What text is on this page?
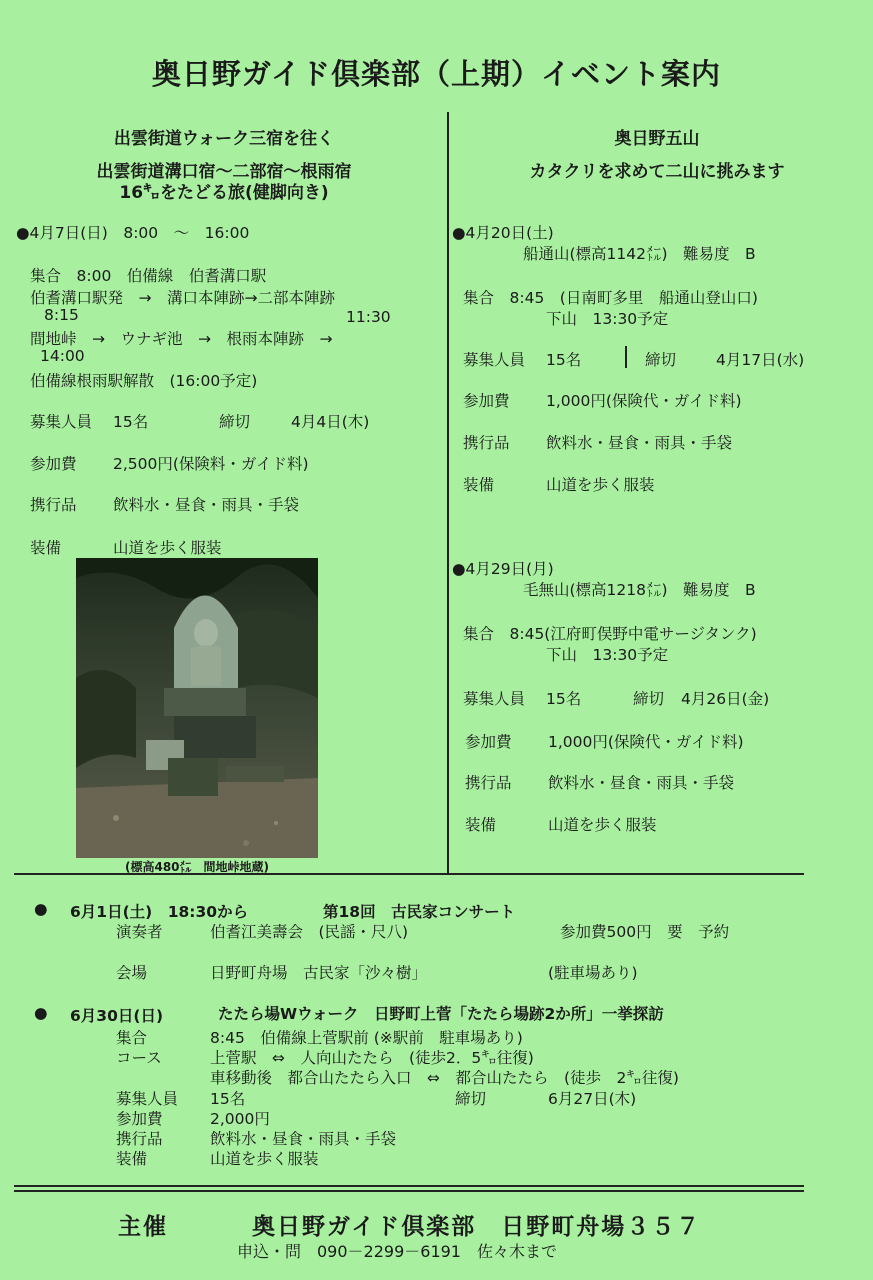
奥日野ガイド倶楽部（上期）イベント案内
出雲街道ウォーク三宿を往く
出雲街道溝口宿～二部宿～根雨宿
16㌔をたどる旅(健脚向き)
●4月7日(日)　8:00　～　16:00
集合　8:00　伯備線　伯耆溝口駅
伯耆溝口駅発　→　溝口本陣跡→二部本陣跡
8:15	11:30
間地峠　→　ウナギ池　→　根雨本陣跡　→
14:00
伯備線根雨駅解散　(16:00予定)
募集人員 15名	締切	4月4日(木)
参加費 2,500円(保険料・ガイド料)
携行品 飲料水・昼食・雨具・手袋
装備	山道を歩く服装
(標高480㍍　間地峠地蔵)
奥日野五山
カタクリを求めて二山に挑みます
●4月20日(土)
船通山(標高1142㍍)　難易度　B
集合　8:45　(日南町多里　船通山登山口)
下山　13:30予定
募集人員 15名	締切	4月17日(水)
参加費 1,000円(保険代・ガイド料)
携行品 飲料水・昼食・雨具・手袋
装備	山道を歩く服装
●4月29日(月)
毛無山(標高1218㍍)　難易度　B
集合　8:45(江府町俣野中電サージタンク)
下山　13:30予定
募集人員 15名	締切 4月26日(金)
参加費 1,000円(保険代・ガイド料)
携行品 飲料水・昼食・雨具・手袋
装備	山道を歩く服装
● 6月1日(土)　18:30から	第18回　古民家コンサート
演奏者	伯耆江美壽会　(民謡・尺八)	参加費500円　要　予約
会場	日野町舟場　古民家「沙々樹」	(駐車場あり)
● 6月30日(日)	たたら場Wウォーク　日野町上菅「たたら場跡2か所」一挙探訪
集合	8:45　伯備線上菅駅前 (※駅前　駐車場あり)
コース	上菅駅　⇔　人向山たたら　(徒歩2．5㌔往復)
車移動後　都合山たたら入口　⇔　都合山たたら　(徒歩　2㌔往復)
募集人員 15名	締切	6月27日(木)
参加費	2,000円
携行品	飲料水・昼食・雨具・手袋
装備	山道を歩く服装
主催	奥日野ガイド倶楽部　日野町舟場３５７
申込・問　090－2299－6191　佐々木まで
